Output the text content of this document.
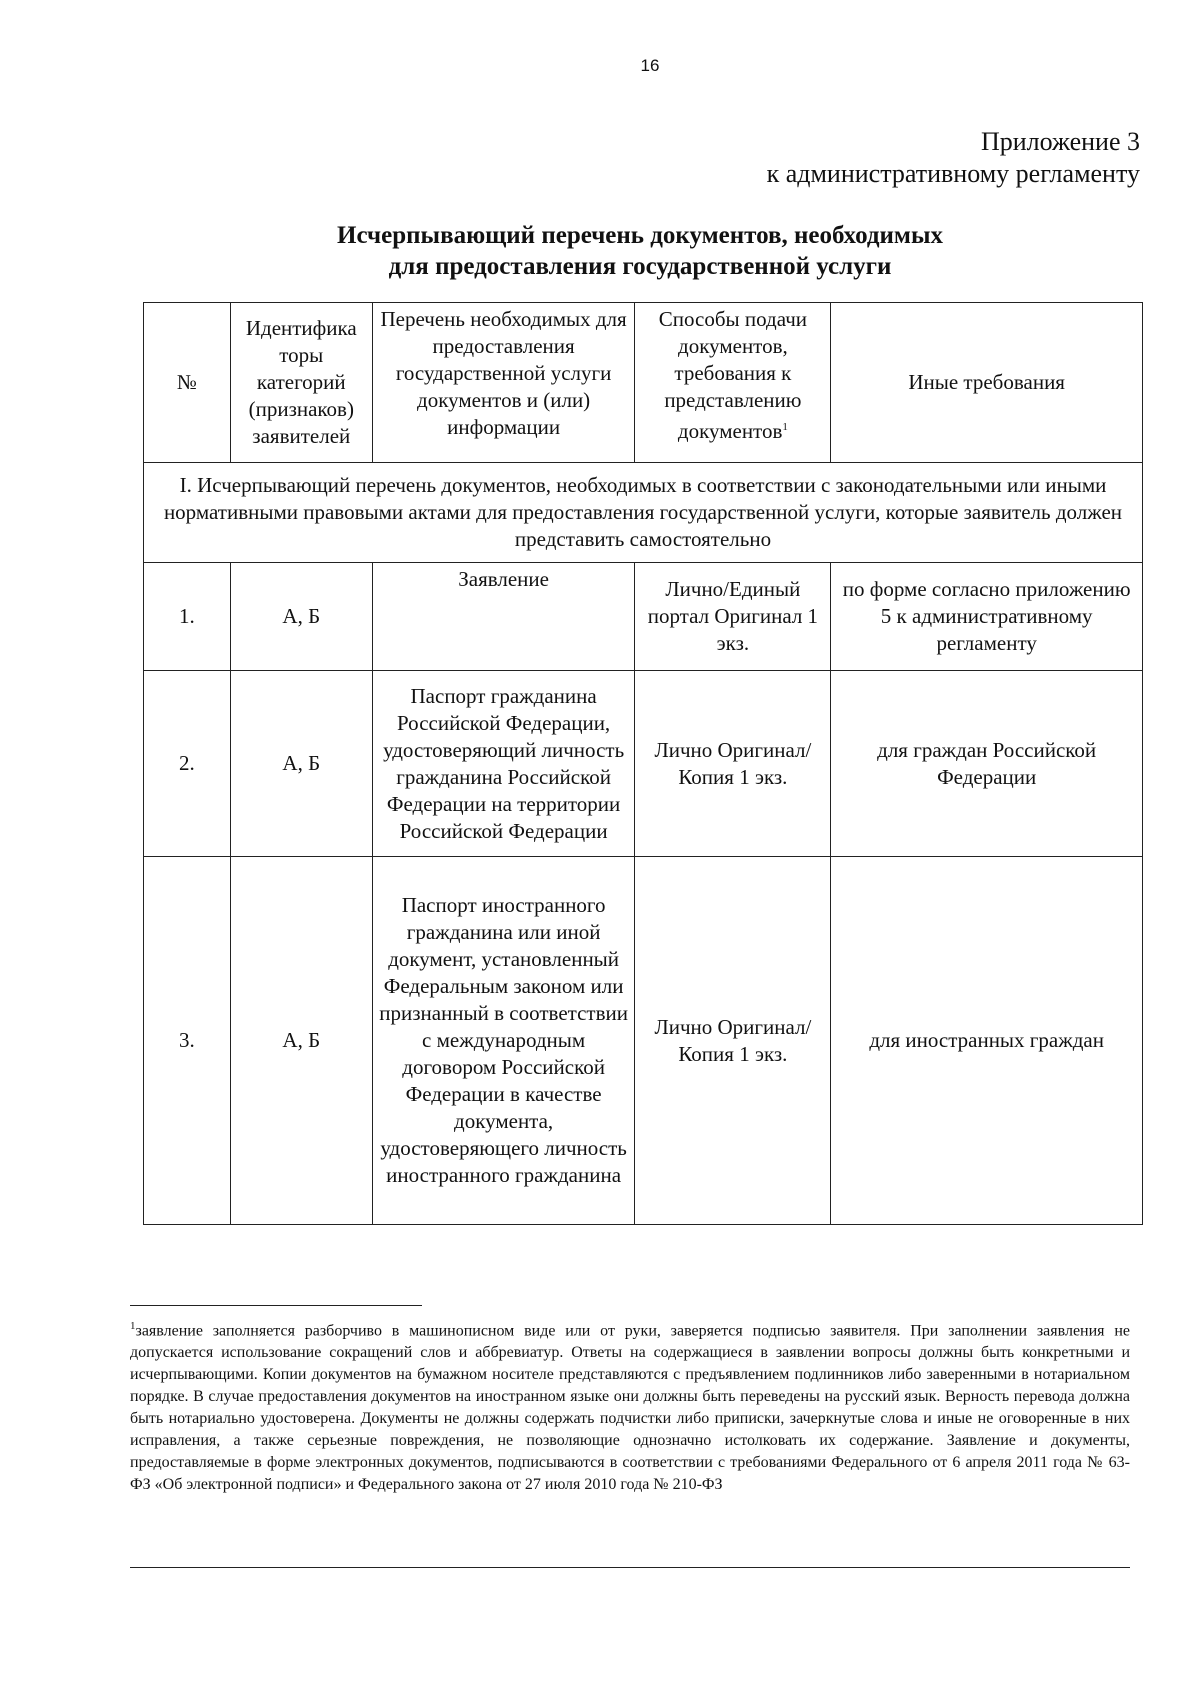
16
Приложение 3
к административному регламенту
Исчерпывающий перечень документов, необходимых
для предоставления государственной услуги
№	Идентифика торы категорий (признаков) заявителей	Перечень необходимых для предоставления государственной услуги документов и (или) информации	Способы подачи документов, требования к представлению документов$^1$	Иные требования
I. Исчерпывающий перечень документов, необходимых в соответствии с законодательными или иными нормативными правовыми актами для предоставления государственной услуги, которые заявитель должен представить самостоятельно				
1.	А, Б	Заявление	Лично/Единый портал Оригинал 1 экз.	по форме согласно приложению 5 к административному регламенту
2.	А, Б	Паспорт гражданина Российской Федерации, удостоверяющий личность гражданина Российской Федерации на территории Российской Федерации	Лично Оригинал/ Копия 1 экз.	для граждан Российской Федерации
3.	А, Б	Паспорт иностранного гражданина или иной документ, установленный Федеральным законом или признанный в соответствии с международным договором Российской Федерации в качестве документа, удостоверяющего личность иностранного гражданина	Лично Оригинал/ Копия 1 экз.	для иностранных граждан
$^1$заявление заполняется разборчиво в машинописном виде или от руки, заверяется подписью заявителя. При заполнении заявления не допускается использование сокращений слов и аббревиатур. Ответы на содержащиеся в заявлении вопросы должны быть конкретными и исчерпывающими. Копии документов на бумажном носителе представляются с предъявлением подлинников либо заверенными в нотариальном порядке. В случае предоставления документов на иностранном языке они должны быть переведены на русский язык. Верность перевода должна быть нотариально удостоверена. Документы не должны содержать подчистки либо приписки, зачеркнутые слова и иные не оговоренные в них исправления, а также серьезные повреждения, не позволяющие однозначно истолковать их содержание. Заявление и документы, предоставляемые в форме электронных документов, подписываются в соответствии с требованиями Федерального от 6 апреля 2011 года № 63-ФЗ «Об электронной подписи» и Федерального закона от 27 июля 2010 года № 210-ФЗ
